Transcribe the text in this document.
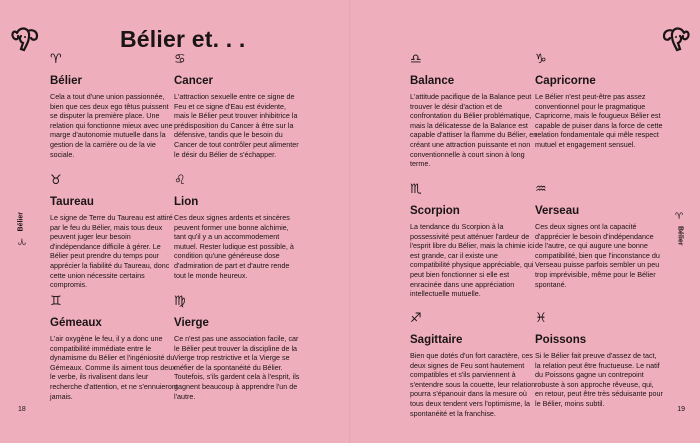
Bélier et. . .
♈
Bélier	♈
Bélier
18	19
♈
Bélier
Cela a tout d'une union passionnée, bien que ces deux ego têtus puissent se disputer la première place. Une relation qui fonctionne mieux avec une marge d'autonomie mutuelle dans la gestion de la carrière ou de la vie sociale.
♉
Taureau
Le signe de Terre du Taureau est attiré par le feu du Bélier, mais tous deux peuvent juger leur besoin d'indépendance difficile à gérer. Le Bélier peut prendre du temps pour apprécier la fiabilité du Taureau, donc cette union nécessite certains compromis.
♊
Gémeaux
L'air oxygène le feu, il y a donc une compatibilité immédiate entre le dynamisme du Bélier et l'ingéniosité du Gémeaux. Comme ils aiment tous deux le verbe, ils rivalisent dans leur recherche d'attention, et ne s'ennuieront jamais.
♋
Cancer
L'attraction sexuelle entre ce signe de Feu et ce signe d'Eau est évidente, mais le Bélier peut trouver inhibitrice la prédisposition du Cancer à être sur la défensive, tandis que le besoin du Cancer de tout contrôler peut alimenter le désir du Bélier de s'échapper.
♌
Lion
Ces deux signes ardents et sincères peuvent former une bonne alchimie, tant qu'il y a un accommodement mutuel. Rester ludique est possible, à condition qu'une généreuse dose d'admiration de part et d'autre rende tout le monde heureux.
♍
Vierge
Ce n'est pas une association facile, car le Bélier peut trouver la discipline de la Vierge trop restrictive et la Vierge se méfier de la spontanéité du Bélier. Toutefois, s'ils gardent cela à l'esprit, ils gagnent beaucoup à apprendre l'un de l'autre.
♎
Balance
L'attitude pacifique de la Balance peut trouver le désir d'action et de confrontation du Bélier problématique, mais la délicatesse de la Balance est capable d'attiser la flamme du Bélier, en créant une attraction puissante et non conventionnelle à court sinon à long terme.
♏
Scorpion
La tendance du Scorpion à la possessivité peut atténuer l'ardeur de l'esprit libre du Bélier, mais la chimie ici est grande, car il existe une compatibilité physique appréciable, qui peut bien fonctionner si elle est enracinée dans une appréciation intellectuelle mutuelle.
♐
Sagittaire
Bien que dotés d'un fort caractère, ces deux signes de Feu sont hautement compatibles et s'ils parviennent à s'entendre sous la couette, leur relation pourra s'épanouir dans la mesure où tous deux tendent vers l'optimisme, la spontanéité et la franchise.
♑
Capricorne
Le Bélier n'est peut-être pas assez conventionnel pour le pragmatique Capricorne, mais le fougueux Bélier est capable de puiser dans la force de cette relation fondamentale qui mêle respect mutuel et engagement sensuel.
♒
Verseau
Ces deux signes ont la capacité d'apprécier le besoin d'indépendance de l'autre, ce qui augure une bonne compatibilité, bien que l'inconstance du Verseau puisse parfois sembler un peu trop imprévisible, même pour le Bélier spontané.
♓
Poissons
Si le Bélier fait preuve d'assez de tact, la relation peut être fructueuse. Le natif du Poissons gagne un contrepoint robuste à son approche rêveuse, qui, en retour, peut être très séduisante pour le Bélier, moins subtil.
